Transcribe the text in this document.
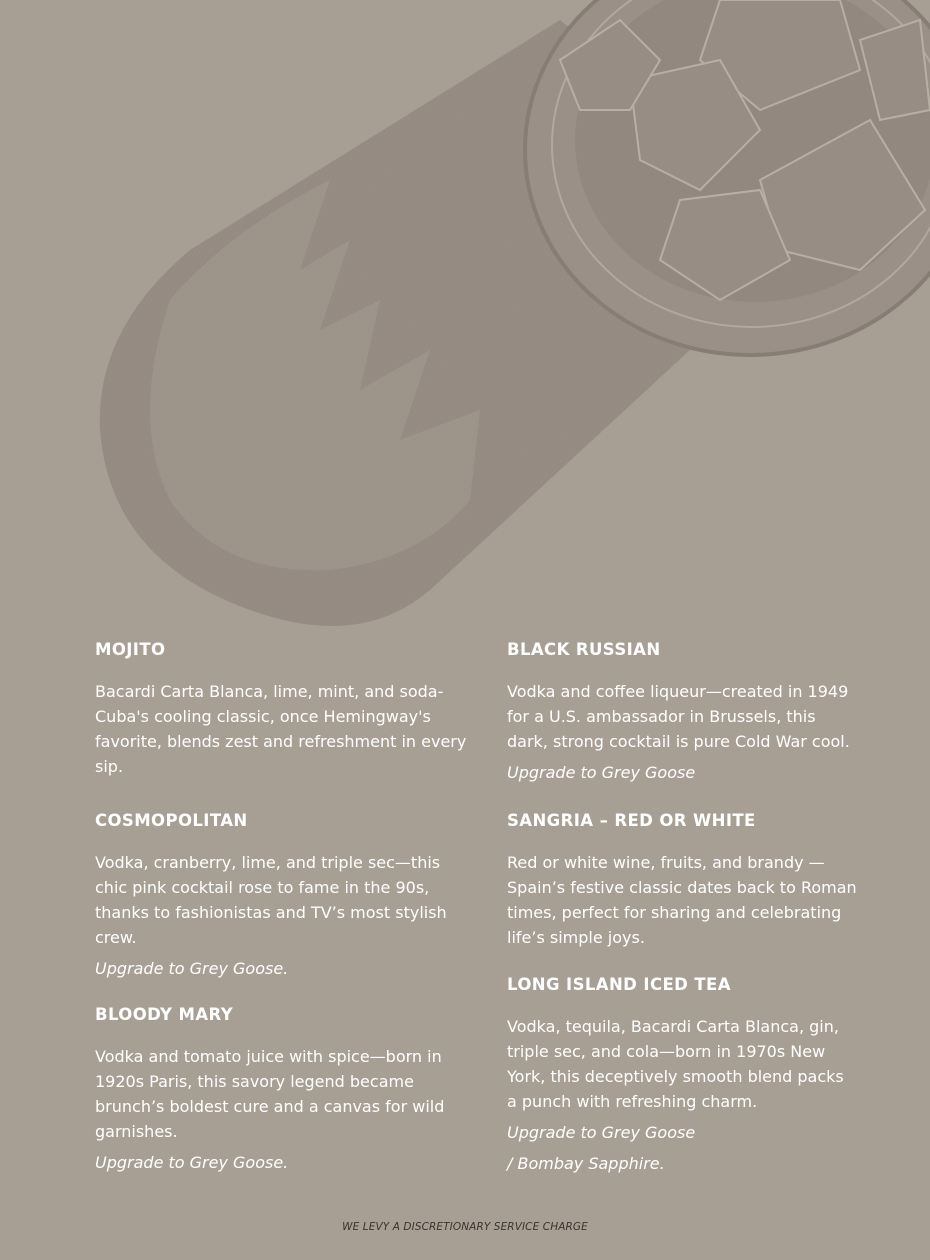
MOJITO

Bacardi Carta Blanca, lime, mint, and soda-Cuba's cooling classic, once Hemingway's favorite, blends zest and refreshment in every sip.

COSMOPOLITAN

Vodka, cranberry, lime, and triple sec—this chic pink cocktail rose to fame in the 90s, thanks to fashionistas and TV’s most stylish crew.

Upgrade to Grey Goose.

BLOODY MARY

Vodka and tomato juice with spice—born in 1920s Paris, this savory legend became brunch’s boldest cure and a canvas for wild garnishes.

Upgrade to Grey Goose.

BLACK RUSSIAN

Vodka and coffee liqueur—created in 1949 for a U.S. ambassador in Brussels, this dark, strong cocktail is pure Cold War cool.

Upgrade to Grey Goose

SANGRIA – RED OR WHITE

Red or white wine, fruits, and brandy —Spain’s festive classic dates back to Roman times, perfect for sharing and celebrating life’s simple joys.

LONG ISLAND ICED TEA

Vodka, tequila, Bacardi Carta Blanca, gin, triple sec, and cola—born in 1970s New York, this deceptively smooth blend packs a punch with refreshing charm.

Upgrade to Grey Goose

/ Bombay Sapphire.

WE LEVY A DISCRETIONARY SERVICE CHARGE
